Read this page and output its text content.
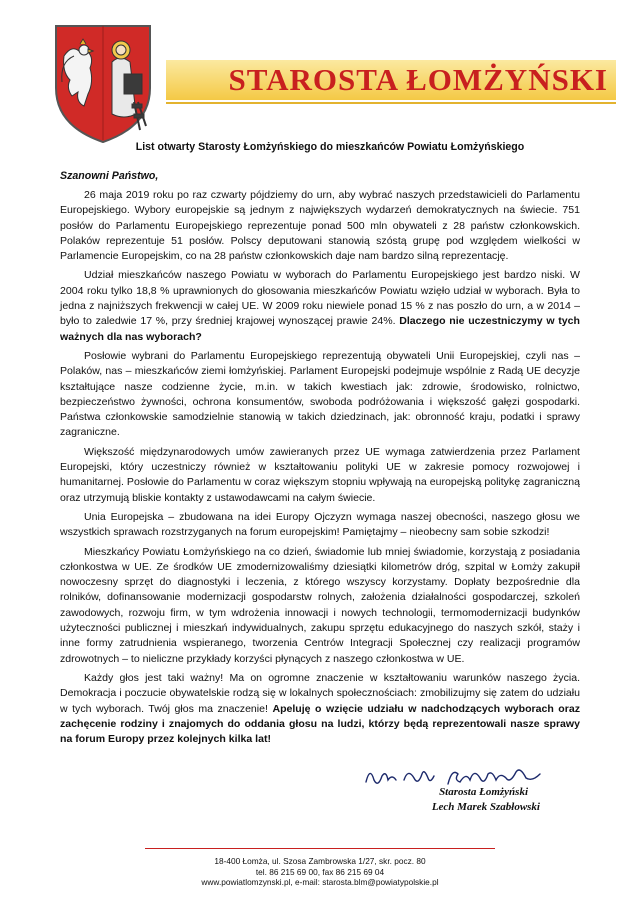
STAROSTA ŁOMŻYŃSKI
List otwarty Starosty Łomżyńskiego do mieszkańców Powiatu Łomżyńskiego
Szanowni Państwo,

26 maja 2019 roku po raz czwarty pójdziemy do urn, aby wybrać naszych przedstawicieli do Parlamentu Europejskiego. Wybory europejskie są jednym z największych wydarzeń demokratycznych na świecie. 751 posłów do Parlamentu Europejskiego reprezentuje ponad 500 mln obywateli z 28 państw członkowskich. Polaków reprezentuje 51 posłów. Polscy deputowani stanowią szóstą grupę pod względem wielkości w Parlamencie Europejskim, co na 28 państw członkowskich daje nam bardzo silną reprezentację.

Udział mieszkańców naszego Powiatu w wyborach do Parlamentu Europejskiego jest bardzo niski. W 2004 roku tylko 18,8 % uprawnionych do głosowania mieszkańców Powiatu wzięło udział w wyborach. Była to jedna z najniższych frekwencji w całej UE. W 2009 roku niewiele ponad 15 % z nas poszło do urn, a w 2014 – było to zaledwie 17 %, przy średniej krajowej wynoszącej prawie 24%. Dlaczego nie uczestniczymy w tych ważnych dla nas wyborach?

Posłowie wybrani do Parlamentu Europejskiego reprezentują obywateli Unii Europejskiej, czyli nas – Polaków, nas – mieszkańców ziemi łomżyńskiej. Parlament Europejski podejmuje wspólnie z Radą UE decyzje kształtujące nasze codzienne życie, m.in. w takich kwestiach jak: zdrowie, środowisko, rolnictwo, bezpieczeństwo żywności, ochrona konsumentów, swoboda podróżowania i większość gałęzi gospodarki. Państwa członkowskie samodzielnie stanowią w takich dziedzinach, jak: obronność kraju, podatki i sprawy zagraniczne.

Większość międzynarodowych umów zawieranych przez UE wymaga zatwierdzenia przez Parlament Europejski, który uczestniczy również w kształtowaniu polityki UE w zakresie pomocy rozwojowej i humanitarnej. Posłowie do Parlamentu w coraz większym stopniu wpływają na europejską politykę zagraniczną oraz utrzymują bliskie kontakty z ustawodawcami na całym świecie.

Unia Europejska – zbudowana na idei Europy Ojczyzn wymaga naszej obecności, naszego głosu we wszystkich sprawach rozstrzyganych na forum europejskim! Pamiętajmy – nieobecny sam sobie szkodzi!

Mieszkańcy Powiatu Łomżyńskiego na co dzień, świadomie lub mniej świadomie, korzystają z posiadania członkostwa w UE. Ze środków UE zmodernizowaliśmy dziesiątki kilometrów dróg, szpital w Łomży zakupił nowoczesny sprzęt do diagnostyki i leczenia, z którego wszyscy korzystamy. Dopłaty bezpośrednie dla rolników, dofinansowanie modernizacji gospodarstw rolnych, założenia działalności gospodarczej, szkoleń zawodowych, rozwoju firm, w tym wdrożenia innowacji i nowych technologii, termomodernizacji budynków użyteczności publicznej i mieszkań indywidualnych, zakupu sprzętu edukacyjnego do naszych szkół, staży i inne formy zatrudnienia wspieranego, tworzenia Centrów Integracji Społecznej czy realizacji programów zdrowotnych – to nieliczne przykłady korzyści płynących z naszego członkostwa w UE.

Każdy głos jest taki ważny! Ma on ogromne znaczenie w kształtowaniu warunków naszego życia. Demokracja i poczucie obywatelskie rodzą się w lokalnych społecznościach: zmobilizujmy się zatem do udziału w tych wyborach. Twój głos ma znaczenie! Apeluję o wzięcie udziału w nadchodzących wyborach oraz zachęcenie rodziny i znajomych do oddania głosu na ludzi, którzy będą reprezentowali nasze sprawy na forum Europy przez kolejnych kilka lat!

Starosta Łomżyński
Lech Marek Szabłowski
18-400 Łomża, ul. Szosa Zambrowska 1/27, skr. pocz. 80
tel. 86 215 69 00, fax 86 215 69 04
www.powiatlomzynski.pl, e-mail: starosta.blm@powiatypolskie.pl
